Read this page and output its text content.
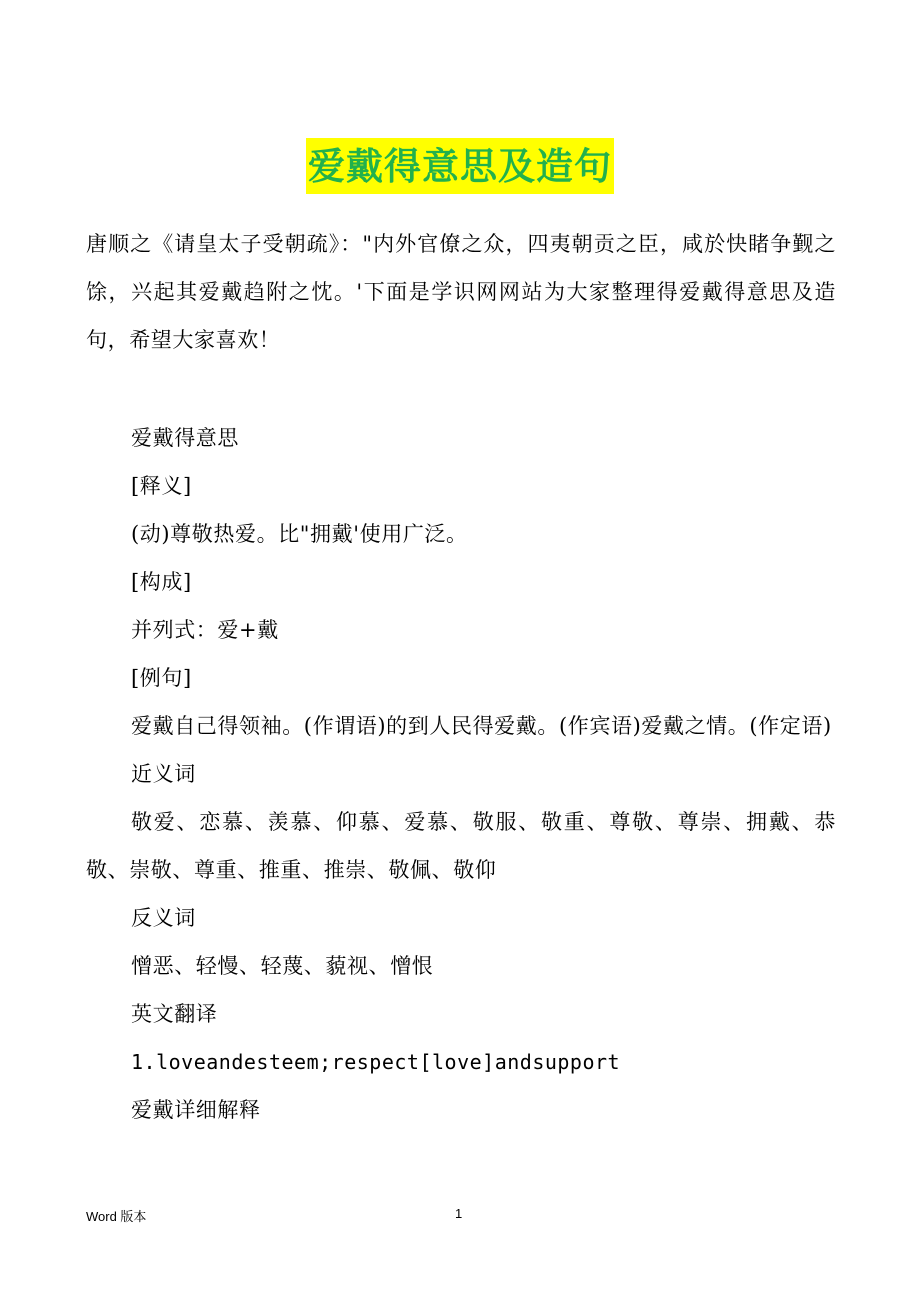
爱戴得意思及造句
唐顺之《请皇太子受朝疏》："内外官僚之众，四夷朝贡之臣，咸於快睹争觐之馀，兴起其爱戴趋附之忱。'下面是学识网网站为大家整理得爱戴得意思及造句，希望大家喜欢！

爱戴得意思

[释义]

(动)尊敬热爱。比"拥戴'使用广泛。

[构成]

并列式：爱+戴

[例句]

爱戴自己得领袖。(作谓语)的到人民得爱戴。(作宾语)爱戴之情。(作定语)

近义词

敬爱、恋慕、羡慕、仰慕、爱慕、敬服、敬重、尊敬、尊崇、拥戴、恭敬、崇敬、尊重、推重、推崇、敬佩、敬仰

反义词

憎恶、轻慢、轻蔑、藐视、憎恨

英文翻译

1.loveandesteem;respect[love]andsupport

爱戴详细解释

Word 版本	1
